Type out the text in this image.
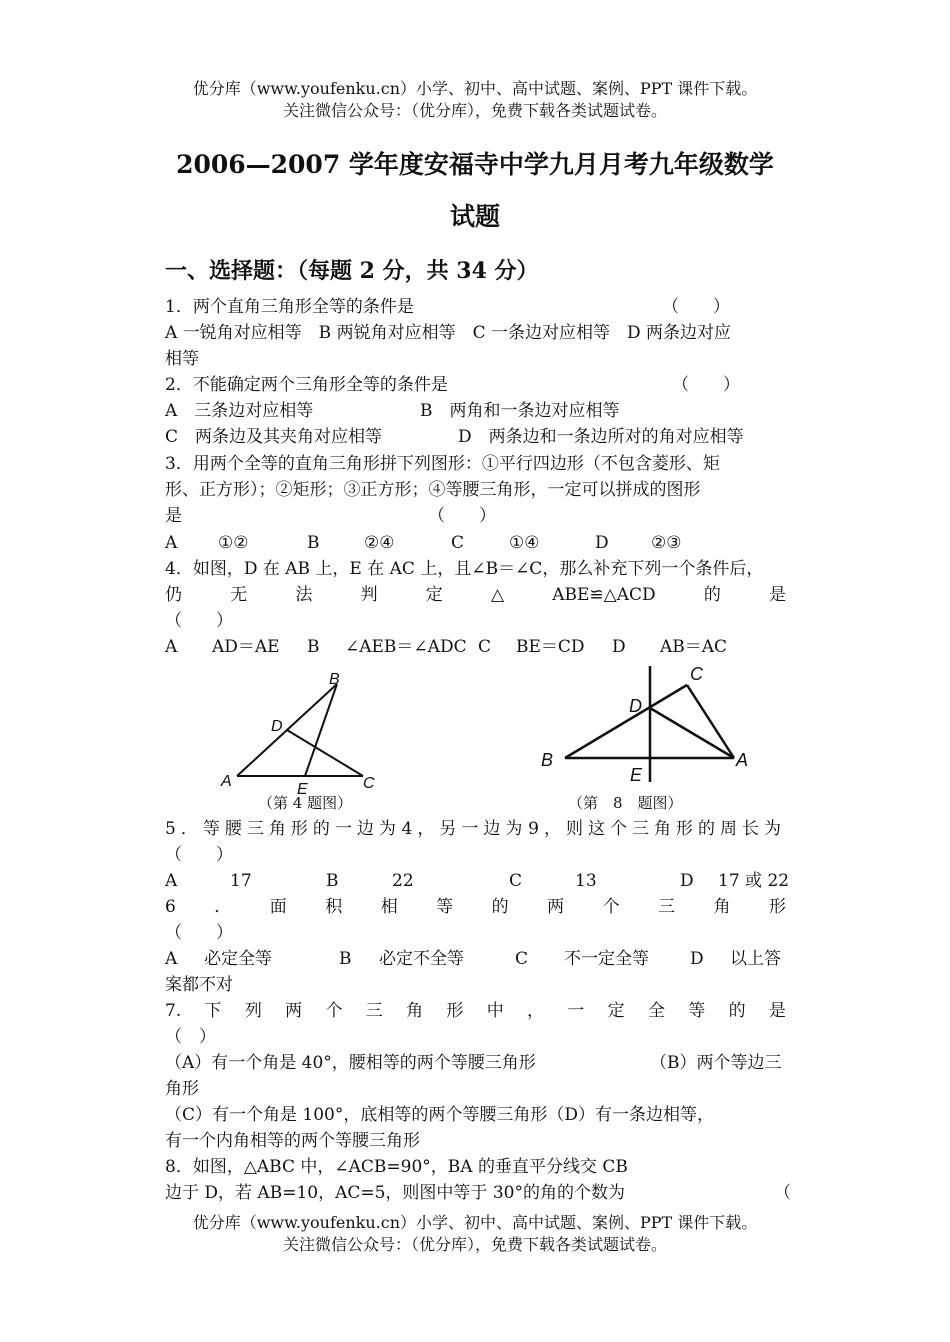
优分库（www.youfenku.cn）小学、初中、高中试题、案例、PPT 课件下载。
关注微信公众号：（优分库），免费下载各类试题试卷。
2006—2007 学年度安福寺中学九月月考九年级数学
试题
一、选择题：（每题 2 分，共 34 分）
1．两个直角三角形全等的条件是	（　　）
A 一锐角对应相等　B 两锐角对应相等　C 一条边对应相等　D 两条边对应
相等
2．不能确定两个三角形全等的条件是	（　　）
A　三条边对应相等	B　两角和一条边对应相等
C　两条边及其夹角对应相等	D　两条边和一条边所对的角对应相等
3．用两个全等的直角三角形拼下列图形：①平行四边形（不包含菱形、矩
形、正方形）；②矩形；③正方形；④等腰三角形，一定可以拼成的图形
是	（　　）
A ①②	B	②④	C	①④	D ②③
4．如图，D 在 AB 上，E 在 AC 上，且∠B＝∠C，那么补充下列一个条件后，
仍	无	法	判	定	△	ABE≌△ACD	的	是
（　　）
A AD＝AE B ∠AEB＝∠ADC C BE＝CD D AB＝AC
B
D
A	E	C
（第 4 题图）
C
D
B	A
E
（第　8　题图）
5．等腰三角形的一边为 4，另一边为 9，则这个三角形的周长为
（　　）
A	17	B	22	C	13	D 17 或 22
6 ． 面 积 相 等 的 两 个 三 角 形
（　　）
A 必定全等	B 必定不全等	C 不一定全等 D 以上答
案都不对
7. 下 列 两 个 三 角 形 中 ， 一 定 全 等 的 是
（　）
（A）有一个角是 40°，腰相等的两个等腰三角形	（B）两个等边三
角形
（C）有一个角是 100°，底相等的两个等腰三角形（D）有一条边相等，
有一个内角相等的两个等腰三角形
8．如图，△ABC 中，∠ACB=90°，BA 的垂直平分线交 CB
边于 D，若 AB=10，AC=5，则图中等于 30°的角的个数为	（
优分库（www.youfenku.cn）小学、初中、高中试题、案例、PPT 课件下载。
关注微信公众号：（优分库），免费下载各类试题试卷。
